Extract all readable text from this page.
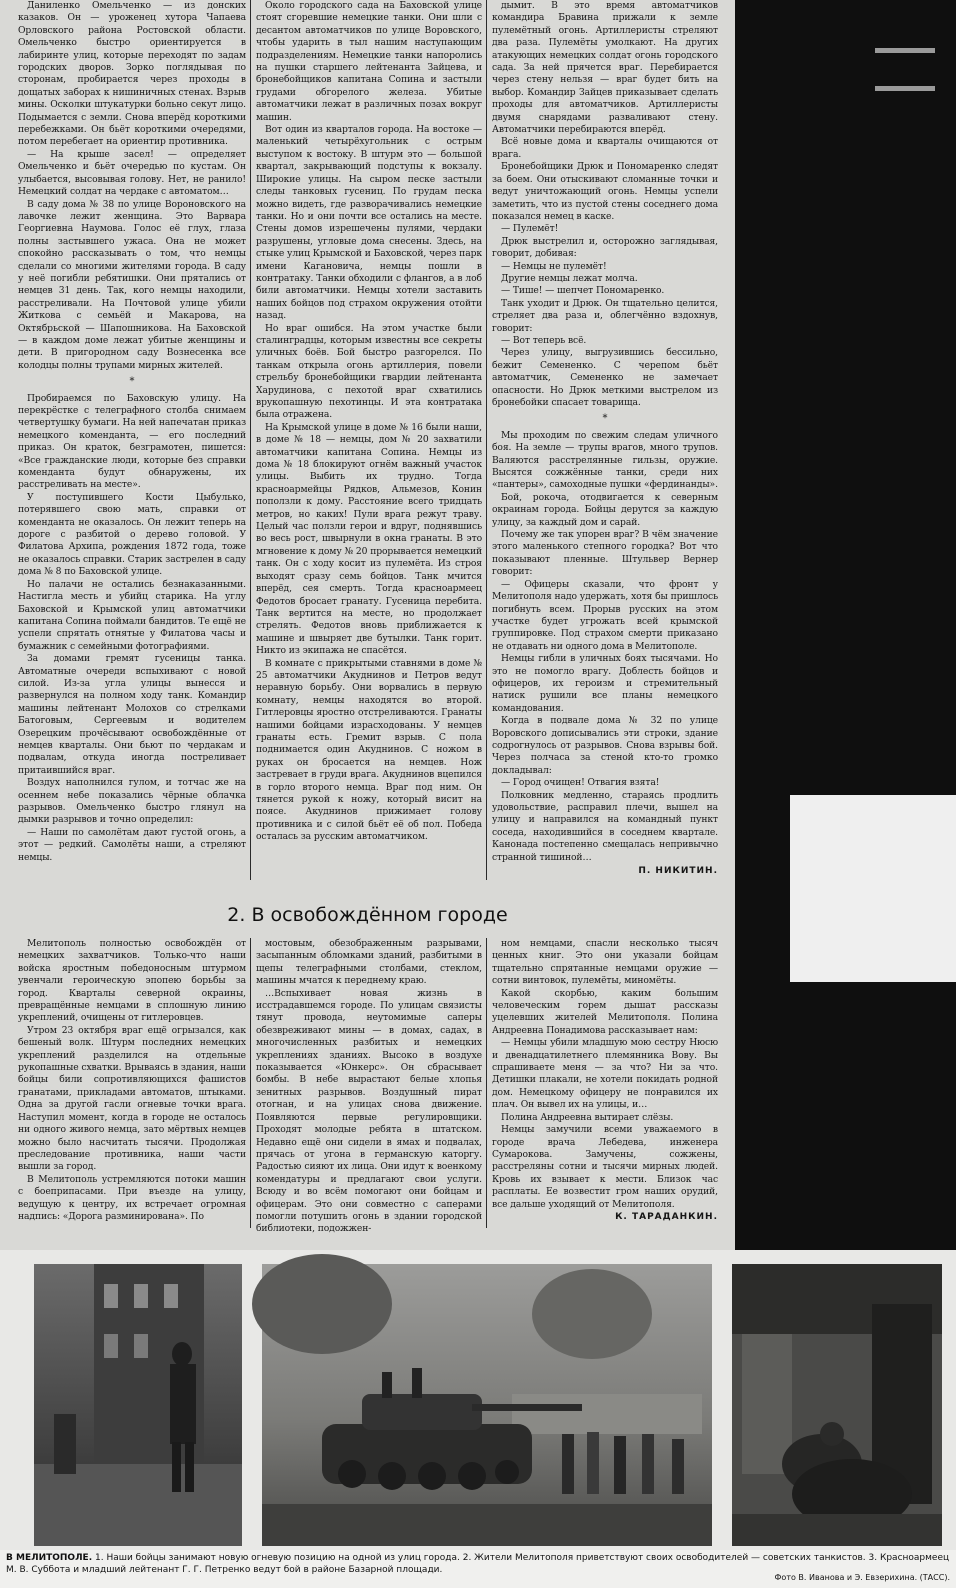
Даниленко Омельченко — из донских казаков. Он — уроженец хутора Чапаева Орловского района Ростовской области. Омельченко быстро ориентируется в лабиринте улиц, которые переходят по задам городских дворов. Зорко поглядывая по сторонам, пробирается через проходы в дощатых заборах к нишиничных стенах. Взрыв мины. Осколки штукатурки больно секут лицо. Подымается с земли. Снова вперёд короткими перебежками. Он бьёт короткими очередями, потом перебегает на ориентир противника.

— На крыше засел! — определяет Омельченко и бьёт очередью по кустам. Он улыбается, высовывая голову. Нет, не ранило! Немецкий солдат на чердаке с автоматом…

В саду дома № 38 по улице Вороновского на лавочке лежит женщина. Это Варвара Георгиевна Наумова. Голос её глух, глаза полны застывшего ужаса. Она не может спокойно рассказывать о том, что немцы сделали со многими жителями города. В саду у неё погибли ребятишки. Они прятались от немцев 31 день. Так, кого немцы находили, расстреливали. На Почтовой улице убили Житкова с семьёй и Макарова, на Октябрьской — Шапошникова. На Баховской — в каждом доме лежат убитые женщины и дети. В пригородном саду Вознесенка все колодцы полны трупами мирных жителей.

*

Пробираемся по Баховскую улицу. На перекрёстке с телеграфного столба снимаем четвертушку бумаги. На ней напечатан приказ немецкого коменданта, — его последний приказ. Он краток, безграмотен, пишется: «Все гражданские люди, которые без справки коменданта будут обнаружены, их расстреливать на месте».

У поступившего Кости Цыбулько, потерявшего свою мать, справки от коменданта не оказалось. Он лежит теперь на дороге с разбитой о дерево головой. У Филатова Архипа, рождения 1872 года, тоже не оказалось справки. Старик застрелен в саду дома № 8 по Баховской улице.

Но палачи не остались безнаказанными. Настигла месть и убийц старика. На углу Баховской и Крымской улиц автоматчики капитана Сопина поймали бандитов. Те ещё не успели спрятать отнятые у Филатова часы и бумажник с семейными фотографиями.

За домами гремят гусеницы танка. Автоматные очереди вспыхивают с новой силой. Из-за угла улицы вынесся и развернулся на полном ходу танк. Командир машины лейтенант Молохов со стрелками Батоговым, Сергеевым и водителем Озерецким прочёсывают освобождённые от немцев кварталы. Они бьют по чердакам и подвалам, откуда иногда постреливает притаившийся враг.

Воздух наполнился гулом, и тотчас же на осеннем небе показались чёрные облачка разрывов. Омельченко быстро глянул на дымки разрывов и точно определил:

— Наши по самолётам дают густой огонь, а этот — редкий. Самолёты наши, а стреляют немцы.

Около городского сада на Баховской улице стоят сгоревшие немецкие танки. Они шли с десантом автоматчиков по улице Воровского, чтобы ударить в тыл нашим наступающим подразделениям. Немецкие танки напоролись на пушки старшего лейтенанта Зайцева, и бронебойщиков капитана Сопина и застыли грудами обгорелого железа. Убитые автоматчики лежат в различных позах вокруг машин.

Вот один из кварталов города. На востоке — маленький четырёхугольник с острым выступом к востоку. В штурм это — большой квартал, закрывающий подступы к вокзалу. Широкие улицы. На сыром песке застыли следы танковых гусениц. По грудам песка можно видеть, где разворачивались немецкие танки. Но и они почти все остались на месте. Стены домов изрешечены пулями, чердаки разрушены, угловые дома снесены. Здесь, на стыке улиц Крымской и Баховской, через парк имени Кагановича, немцы пошли в контратаку. Танки обходили с флангов, а в лоб били автоматчики. Немцы хотели заставить наших бойцов под страхом окружения отойти назад.

Но враг ошибся. На этом участке были сталинградцы, которым известны все секреты уличных боёв. Бой быстро разгорелся. По танкам открыла огонь артиллерия, повели стрельбу бронебойщики гвардии лейтенанта Харудинова, с пехотой враг схватились врукопашную пехотинцы. И эта контратака была отражена.

На Крымской улице в доме № 16 были наши, в доме № 18 — немцы, дом № 20 захватили автоматчики капитана Сопина. Немцы из дома № 18 блокируют огнём важный участок улицы. Выбить их трудно. Тогда красноармейцы Рядков, Альмезов, Конин поползли к дому. Расстояние всего тридцать метров, но каких! Пули врага режут траву. Целый час ползли герои и вдруг, поднявшись во весь рост, швырнули в окна гранаты. В это мгновение к дому № 20 прорывается немецкий танк. Он с ходу косит из пулемёта. Из строя выходят сразу семь бойцов. Танк мчится вперёд, сея смерть. Тогда красноармеец Федотов бросает гранату. Гусеница перебита. Танк вертится на месте, но продолжает стрелять. Федотов вновь приближается к машине и швыряет две бутылки. Танк горит. Никто из экипажа не спасётся.

В комнате с прикрытыми ставнями в доме № 25 автоматчики Акуднинов и Петров ведут неравную борьбу. Они ворвались в первую комнату, немцы находятся во второй. Гитлеровцы яростно отстреливаются. Гранаты нашими бойцами израсходованы. У немцев гранаты есть. Гремит взрыв. С пола поднимается один Акуднинов. С ножом в руках он бросается на немцев. Нож застревает в груди врага. Акуднинов вцепился в горло второго немца. Враг под ним. Он тянется рукой к ножу, который висит на поясе. Акуднинов прижимает голову противника и с силой бьёт её об пол. Победа осталась за русским автоматчиком.

дымит. В это время автоматчиков командира Бравина прижали к земле пулемётный огонь. Артиллеристы стреляют два раза. Пулемёты умолкают. На других атакующих немецких солдат огонь городского сада. За ней прячется враг. Перебирается через стену нельзя — враг будет бить на выбор. Командир Зайцев приказывает сделать проходы для автоматчиков. Артиллеристы двумя снарядами разваливают стену. Автоматчики перебираются вперёд.

Всё новые дома и кварталы очищаются от врага.

Бронебойщики Дрюк и Пономаренко следят за боем. Они отыскивают сломанные точки и ведут уничтожающий огонь. Немцы успели заметить, что из пустой стены соседнего дома показался немец в каске.

— Пулемёт!

Дрюк выстрелил и, осторожно заглядывая, говорит, добивая:

— Немцы не пулемёт!

Другие немцы лежат молча.

— Тише! — шепчет Пономаренко.

Танк уходит и Дрюк. Он тщательно целится, стреляет два раза и, облегчённо вздохнув, говорит:

— Вот теперь всё.

Через улицу, выгрузившись бессильно, бежит Семененко. С черепом бьёт автоматчик, Семененко не замечает опасности. Но Дрюк меткими выстрелом из бронебойки спасает товарища.

*

Мы проходим по свежим следам уличного боя. На земле — трупы врагов, много трупов. Валяются расстрелянные гильзы, оружие. Высятся сожжённые танки, среди них «пантеры», самоходные пушки «фердинанды».

Бой, рокоча, отодвигается к северным окраинам города. Бойцы дерутся за каждую улицу, за каждый дом и сарай.

Почему же так упорен враг? В чём значение этого маленького степного городка? Вот что показывают пленные. Штульвер Вернер говорит:

— Офицеры сказали, что фронт у Мелитополя надо удержать, хотя бы пришлось погибнуть всем. Прорыв русских на этом участке будет угрожать всей крымской группировке. Под страхом смерти приказано не отдавать ни одного дома в Мелитополе.

Немцы гибли в уличных боях тысячами. Но это не помогло врагу. Доблесть бойцов и офицеров, их героизм и стремительный натиск рушили все планы немецкого командования.

Когда в подвале дома № 32 по улице Воровского дописывались эти строки, здание содрогнулось от разрывов. Снова взрывы бой. Через полчаса за стеной кто-то громко докладывал:

— Город очищен! Отвагия взята!

Полковник медленно, стараясь продлить удовольствие, расправил плечи, вышел на улицу и направился на командный пункт соседа, находившийся в соседнем квартале. Канонада постепенно смещалась непривычно странной тишиной…

П. НИКИТИН.
2. В освобождённом городе

Мелитополь полностью освобождён от немецких захватчиков. Только-что наши войска яростным победоносным штурмом увенчали героическую эпопею борьбы за город. Кварталы северной окраины, превращённые немцами в сплошную линию укреплений, очищены от гитлеровцев.

Утром 23 октября враг ещё огрызался, как бешеный волк. Штурм последних немецких укреплений разделился на отдельные рукопашные схватки. Врываясь в здания, наши бойцы били сопротивляющихся фашистов гранатами, прикладами автоматов, штыками. Одна за другой гасли огневые точки врага. Наступил момент, когда в городе не осталось ни одного живого немца, зато мёртвых немцев можно было насчитать тысячи. Продолжая преследование противника, наши части вышли за город.

В Мелитополь устремляются потоки машин с боеприпасами. При въезде на улицу, ведущую к центру, их встречает огромная надпись: «Дорога разминирована». По

мостовым, обезображенным разрывами, засыпанным обломками зданий, разбитыми в щепы телеграфными столбами, стеклом, машины мчатся к переднему краю.

…Вспыхивает новая жизнь в исстрадавшемся городе. По улицам связисты тянут провода, неутомимые саперы обезвреживают мины — в домах, садах, в многочисленных разбитых и немецких укреплениях зданиях. Высоко в воздухе показывается «Юнкерс». Он сбрасывает бомбы. В небе вырастают белые хлопья зенитных разрывов. Воздушный пират отогнан, и на улицах снова движение. Появляются первые регулировщики. Проходят молодые ребята в штатском. Недавно ещё они сидели в ямах и подвалах, прячась от угона в германскую каторгу. Радостью сияют их лица. Они идут к военкому комендатуры и предлагают свои услуги. Всюду и во всём помогают они бойцам и офицерам. Это они совместно с саперами помогли потушить огонь в здании городской библиотеки, подожжен-

ном немцами, спасли несколько тысяч ценных книг. Это они указали бойцам тщательно спрятанные немцами оружие — сотни винтовок, пулемёты, миномёты.

Какой скорбью, каким большим человеческим горем дышат рассказы уцелевших жителей Мелитополя. Полина Андреевна Понадимова рассказывает нам:

— Немцы убили младшую мою сестру Нюсю и двенадцатилетнего племянника Вову. Вы спрашиваете меня — за что? Ни за что. Детишки плакали, не хотели покидать родной дом. Немецкому офицеру не понравился их плач. Он вывел их на улицы, и…

Полина Андреевна вытирает слёзы.

Немцы замучили всеми уважаемого в городе врача Лебедева, инженера Сумарокова. Замучены, сожжены, расстреляны сотни и тысячи мирных людей. Кровь их взывает к мести. Близок час расплаты. Ее возвестит гром наших орудий, все дальше уходящий от Мелитополя.

К. ТАРАДАНКИН.
В МЕЛИТОПОЛЕ. 1. Наши бойцы занимают новую огневую позицию на одной из улиц города. 2. Жители Мелитополя приветствуют своих освободителей — советских танкистов. 3. Красноармеец М. В. Суббота и младший лейтенант Г. Г. Петренко ведут бой в районе Базарной площади.
Фото В. Иванова и Э. Евзерихина. (ТАСС).
